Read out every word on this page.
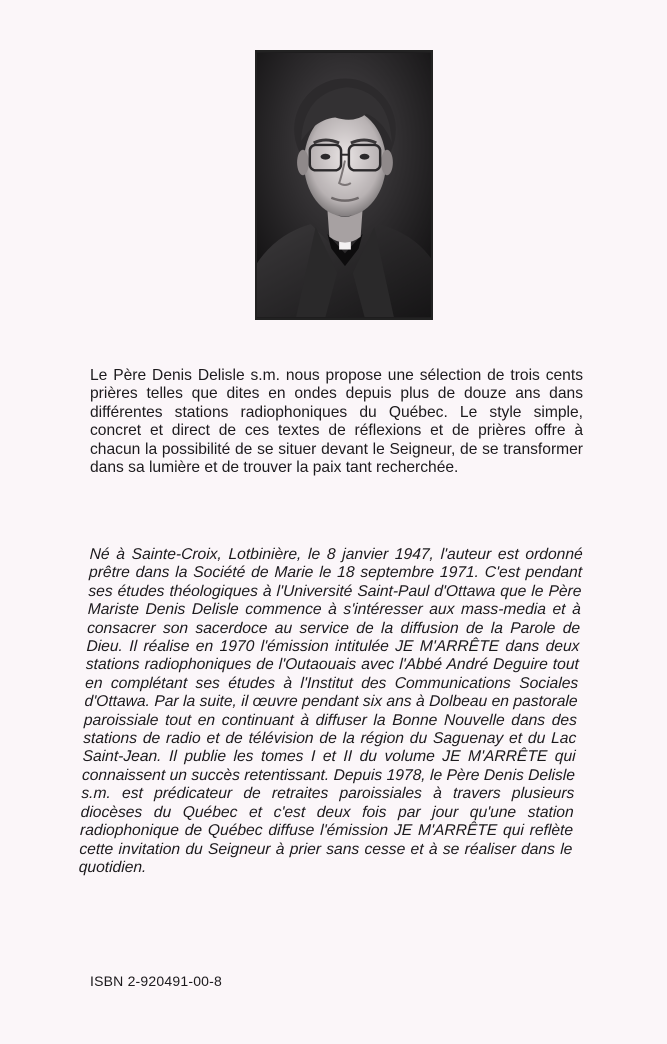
Le Père Denis Delisle s.m. nous propose une sélection de trois cents prières telles que dites en ondes depuis plus de douze ans dans différentes stations radiophoniques du Québec. Le style simple, concret et direct de ces textes de réflexions et de prières offre à chacun la possibilité de se situer devant le Seigneur, de se transformer dans sa lumière et de trouver la paix tant recherchée.

Né à Sainte-Croix, Lotbinière, le 8 janvier 1947, l'auteur est ordonné prêtre dans la Société de Marie le 18 septembre 1971. C'est pendant ses études théologiques à l'Université Saint-Paul d'Ottawa que le Père Mariste Denis Delisle commence à s'intéresser aux mass-media et à consacrer son sacerdoce au service de la diffusion de la Parole de Dieu. Il réalise en 1970 l'émission intitulée JE M'ARRÊTE dans deux stations radiophoniques de l'Outaouais avec l'Abbé André Deguire tout en complétant ses études à l'Institut des Communications Sociales d'Ottawa. Par la suite, il œuvre pendant six ans à Dolbeau en pastorale paroissiale tout en continuant à diffuser la Bonne Nouvelle dans des stations de radio et de télévision de la région du Saguenay et du Lac Saint-Jean. Il publie les tomes I et II du volume JE M'ARRÊTE qui connaissent un succès retentissant. Depuis 1978, le Père Denis Delisle s.m. est prédicateur de retraites paroissiales à travers plusieurs diocèses du Québec et c'est deux fois par jour qu'une station radiophonique de Québec diffuse l'émission JE M'ARRÊTE qui reflète cette invitation du Seigneur à prier sans cesse et à se réaliser dans le quotidien.

ISBN 2-920491-00-8
